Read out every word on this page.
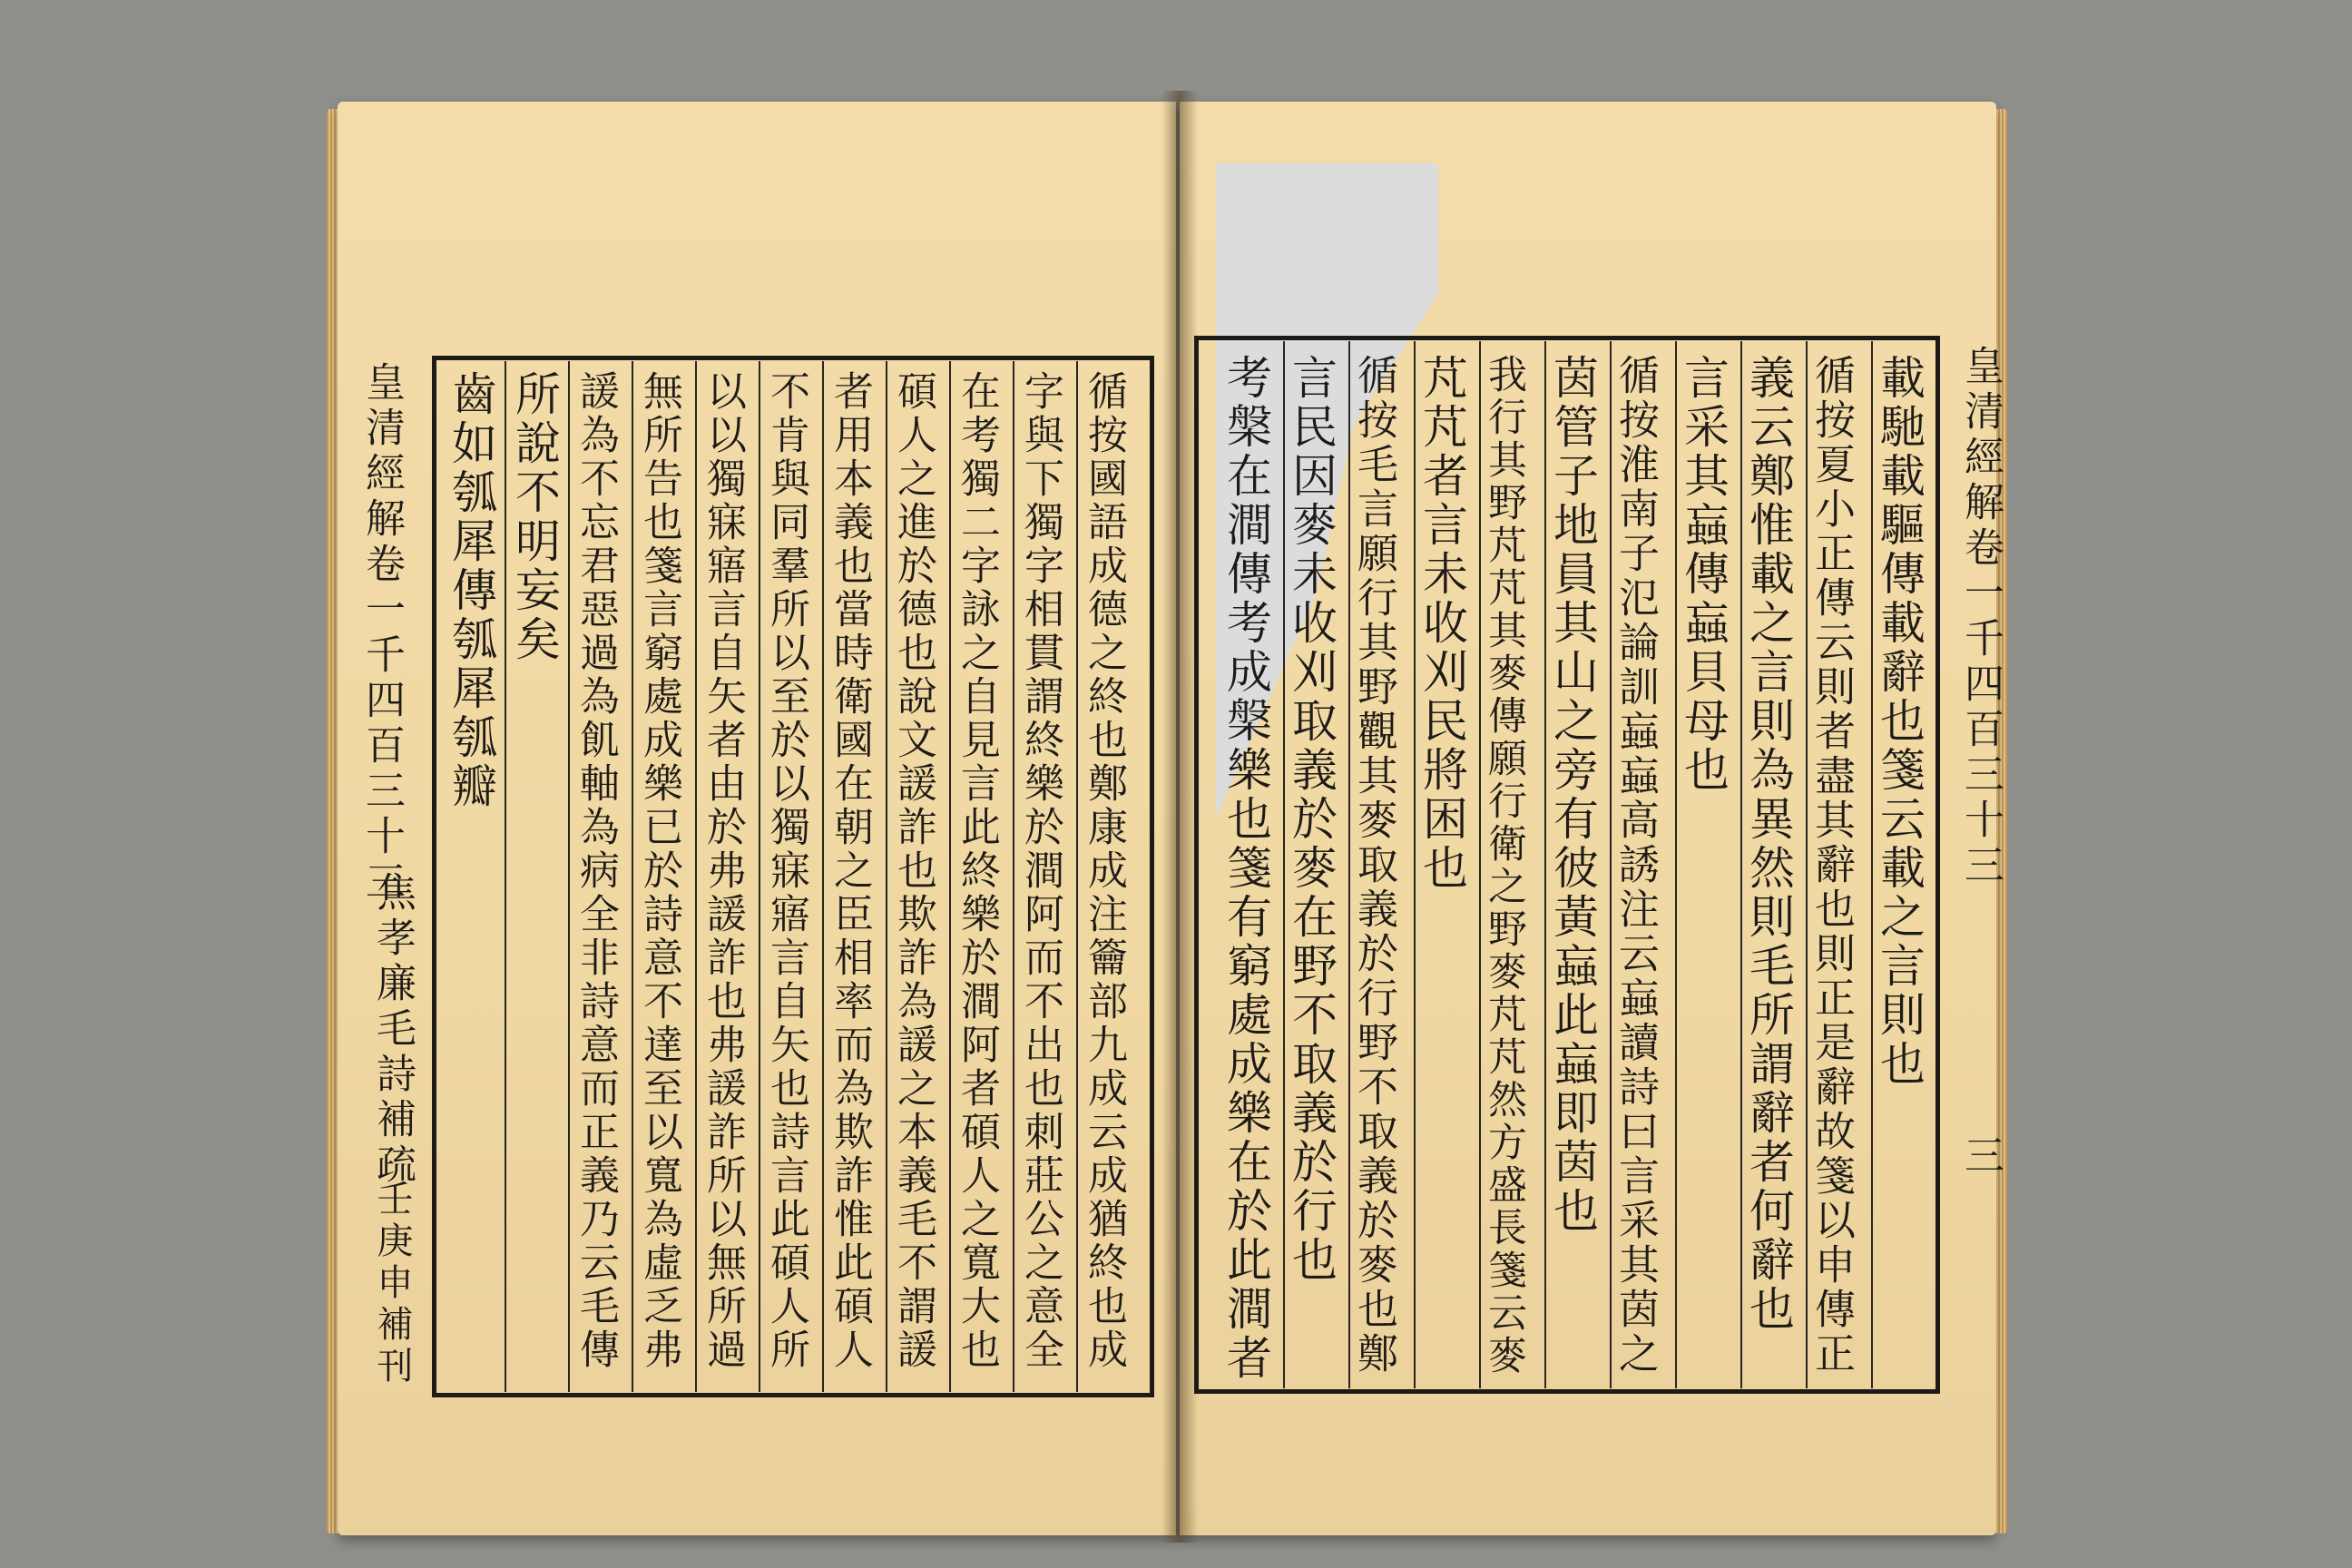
皇清經解卷一千四百三十三
焦孝廉毛詩補疏
壬庚申補刊	循按國語成德之終也鄭康成注籥部九成云成猶終也成
字與下獨字相貫謂終樂於澗阿而不出也刺莊公之意全
在考獨二字詠之自見言此終樂於澗阿者碩人之寬大也
碩人之進於德也說文諼詐也欺詐為諼之本義毛不謂諼
者用本義也當時衛國在朝之臣相率而為欺詐惟此碩人
不肯與同羣所以至於以獨寐寤言自矢也詩言此碩人所
以以獨寐寤言自矢者由於弗諼詐也弗諼詐所以無所過
無所告也箋言窮處成樂已於詩意不達至以寬為虛乏弗
諼為不忘君惡過為飢軸為病全非詩意而正義乃云毛傳
所說不明妄矣
齒如瓠犀傳瓠犀瓠瓣	皇清經解卷一千四百三十三
三
載馳載驅傳載辭也箋云載之言則也
循按夏小正傳云則者盡其辭也則正是辭故箋以申傳正
義云鄭惟載之言則為異然則毛所謂辭者何辭也
言采其蝱傳蝱貝母也
循按淮南子氾論訓蝱蝱高誘注云蝱讀詩曰言采其茵之
茵管子地員其山之旁有彼黃蝱此蝱即茵也
我行其野芃芃其麥傳願行衛之野麥芃芃然方盛長箋云麥
芃芃者言未收刈民將困也
循按毛言願行其野觀其麥取義於行野不取義於麥也鄭
言民因麥未收刈取義於麥在野不取義於行也
考槃在澗傳考成槃樂也箋有窮處成樂在於此澗者
